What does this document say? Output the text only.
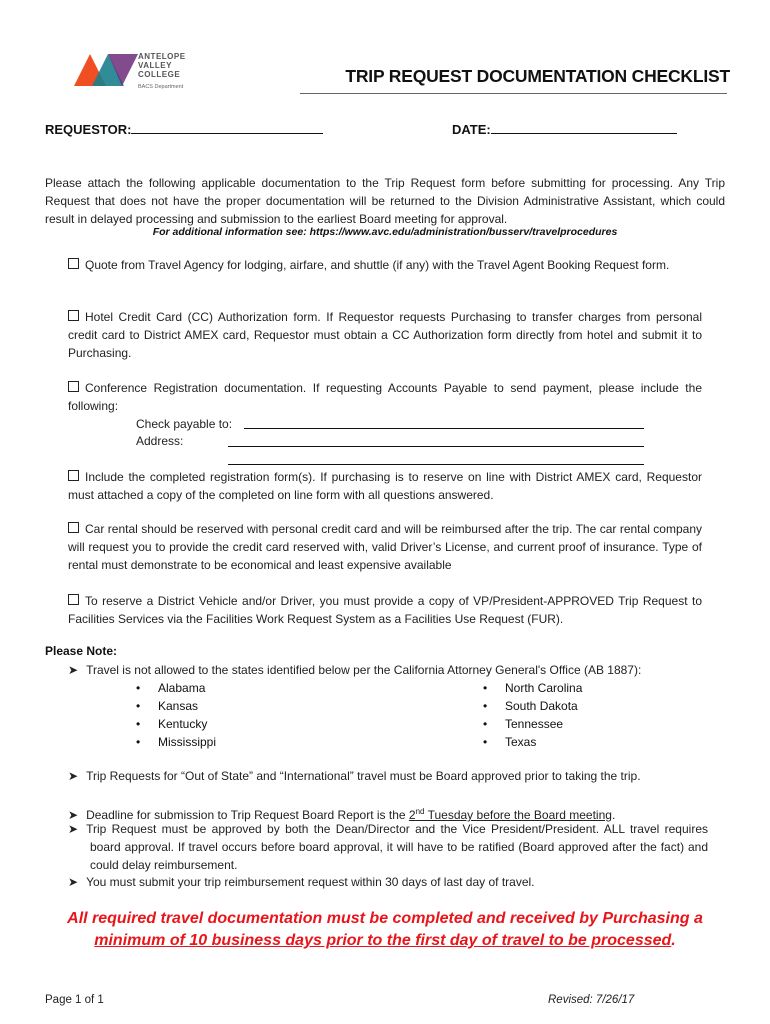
ANTELOPE
VALLEY
COLLEGE
BACS Department
TRIP REQUEST DOCUMENTATION CHECKLIST
REQUESTOR:	DATE:
Please attach the following applicable documentation to the Trip Request form before submitting for processing. Any Trip Request that does not have the proper documentation will be returned to the Division Administrative Assistant, which could result in delayed processing and submission to the earliest Board meeting for approval.
For additional information see: https://www.avc.edu/administration/busserv/travelprocedures
Quote from Travel Agency for lodging, airfare, and shuttle (if any) with the Travel Agent Booking Request form.
Hotel Credit Card (CC) Authorization form. If Requestor requests Purchasing to transfer charges from personal credit card to District AMEX card, Requestor must obtain a CC Authorization form directly from hotel and submit it to Purchasing.
Conference Registration documentation. If requesting Accounts Payable to send payment, please include the following:
Check payable to:
Address:
Include the completed registration form(s). If purchasing is to reserve on line with District AMEX card, Requestor must attached a copy of the completed on line form with all questions answered.
Car rental should be reserved with personal credit card and will be reimbursed after the trip. The car rental company will request you to provide the credit card reserved with, valid Driver’s License, and current proof of insurance. Type of rental must demonstrate to be economical and least expensive available
To reserve a District Vehicle and/or Driver, you must provide a copy of VP/President-APPROVED Trip Request to Facilities Services via the Facilities Work Request System as a Facilities Use Request (FUR).
Please Note:
➤ Travel is not allowed to the states identified below per the California Attorney General's Office (AB 1887):
• Alabama
• Kansas
• Kentucky
• Mississippi
• North Carolina
• South Dakota
• Tennessee
• Texas
➤ Trip Requests for “Out of State” and “International” travel must be Board approved prior to taking the trip.
➤ Deadline for submission to Trip Request Board Report is the 2nd Tuesday before the Board meeting.
➤ Trip Request must be approved by both the Dean/Director and the Vice President/President. ALL travel requires board approval. If travel occurs before board approval, it will have to be ratified (Board approved after the fact) and could delay reimbursement.
➤ You must submit your trip reimbursement request within 30 days of last day of travel.
All required travel documentation must be completed and received by Purchasing a
minimum of 10 business days prior to the first day of travel to be processed.
Page 1 of 1	Revised: 7/26/17
